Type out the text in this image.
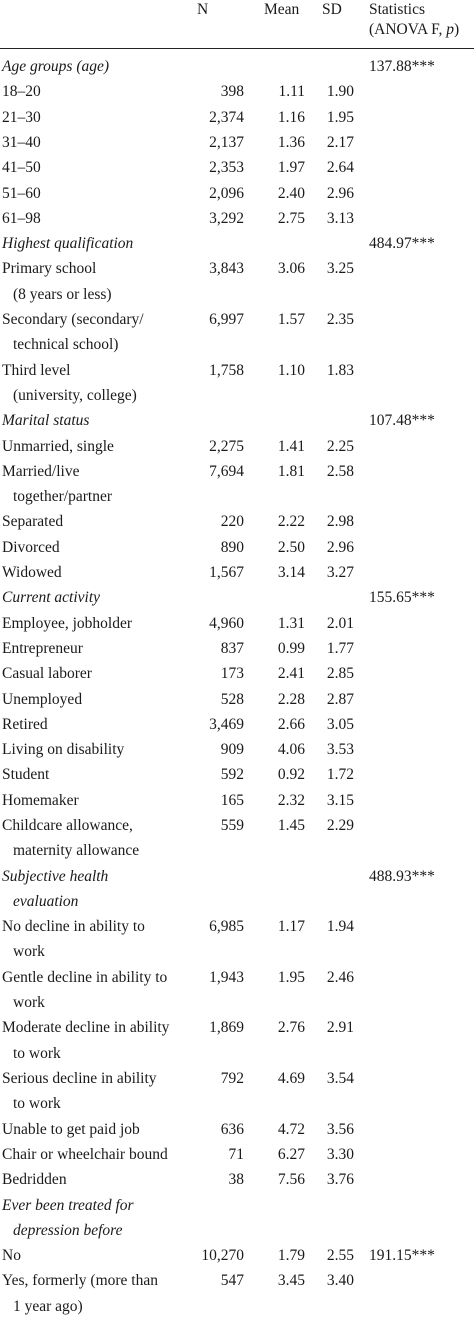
N	Mean SD Statistics
(ANOVA F, p)
Age groups (age)	137.88***
18–20	398 1.11 1.90
21–30	2,374 1.16 1.95
31–40	2,137 1.36 2.17
41–50	2,353 1.97 2.64
51–60	2,096 2.40 2.96
61–98	3,292 2.75 3.13
Highest qualification	484.97***
Primary school
(8 years or less)
3,843 3.06 3.25
Secondary (secondary/
technical school)
6,997 1.57 2.35
Third level
(university, college)
1,758 1.10 1.83
Marital status	107.48***
Unmarried, single	2,275 1.41 2.25
Married/live
together/partner
7,694 1.81 2.58
Separated	220 2.22 2.98
Divorced	890 2.50 2.96
Widowed	1,567 3.14 3.27
Current activity	155.65***
Employee, jobholder	4,960 1.31 2.01
Entrepreneur	837 0.99 1.77
Casual laborer	173 2.41 2.85
Unemployed	528 2.28 2.87
Retired	3,469 2.66 3.05
Living on disability	909 4.06 3.53
Student	592 0.92 1.72
Homemaker	165 2.32 3.15
Childcare allowance,
maternity allowance
559 1.45 2.29
Subjective health
evaluation
488.93***
No decline in ability to
work
6,985 1.17 1.94
Gentle decline in ability to
work
1,943 1.95 2.46
Moderate decline in ability
to work
1,869 2.76 2.91
Serious decline in ability
to work
792 4.69 3.54
Unable to get paid job	636 4.72 3.56
Chair or wheelchair bound	71 6.27 3.30
Bedridden	38 7.56 3.76
Ever been treated for
depression before
No	10,270 1.79 2.55 191.15***
Yes, formerly (more than
1 year ago)
547 3.45 3.40
